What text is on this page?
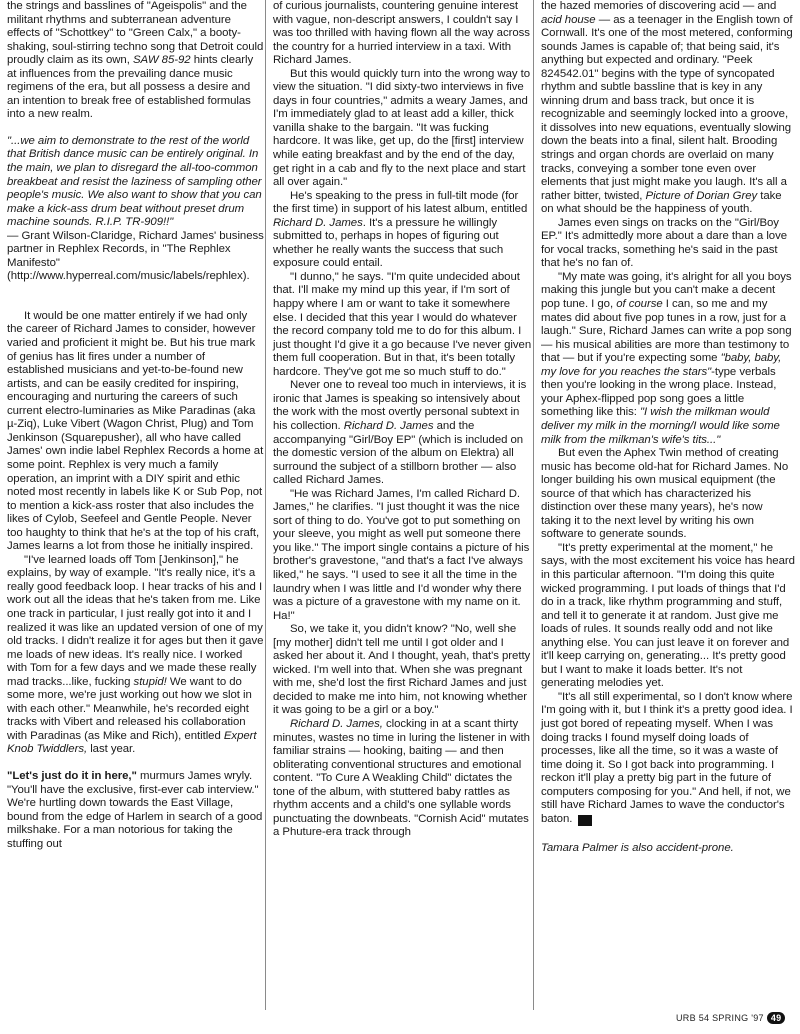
the strings and basslines of "Ageispolis" and the militant rhythms and subterranean adventure effects of "Schottkey" to "Green Calx," a booty-shaking, soul-stirring techno song that Detroit could proudly claim as its own, SAW 85-92 hints clearly at influences from the prevailing dance music regimens of the era, but all possess a desire and an intention to break free of established formulas into a new realm.

"...we aim to demonstrate to the rest of the world that British dance music can be entirely original. In the main, we plan to disregard the all-too-common breakbeat and resist the laziness of sampling other people's music. We also want to show that you can make a kick-ass drum beat without preset drum machine sounds. R.I.P. TR-909!!"

— Grant Wilson-Claridge, Richard James' business partner in Rephlex Records, in "The Rephlex Manifesto" (http://www.hyperreal.com/music/labels/rephlex).

It would be one matter entirely if we had only the career of Richard James to consider, however varied and proficient it might be. But his true mark of genius has lit fires under a number of established musicians and yet-to-be-found new artists, and can be easily credited for inspiring, encouraging and nurturing the careers of such current electro-luminaries as Mike Paradinas (aka µ-Ziq), Luke Vibert (Wagon Christ, Plug) and Tom Jenkinson (Squarepusher), all who have called James' own indie label Rephlex Records a home at some point. Rephlex is very much a family operation, an imprint with a DIY spirit and ethic noted most recently in labels like K or Sub Pop, not to mention a kick-ass roster that also includes the likes of Cylob, Seefeel and Gentle People. Never too haughty to think that he's at the top of his craft, James learns a lot from those he initially inspired.

"I've learned loads off Tom [Jenkinson]," he explains, by way of example. "It's really nice, it's a really good feedback loop. I hear tracks of his and I work out all the ideas that he's taken from me. Like one track in particular, I just really got into it and I realized it was like an updated version of one of my old tracks. I didn't realize it for ages but then it gave me loads of new ideas. It's really nice. I worked with Tom for a few days and we made these really mad tracks...like, fucking stupid! We want to do some more, we're just working out how we slot in with each other." Meanwhile, he's recorded eight tracks with Vibert and released his collaboration with Paradinas (as Mike and Rich), entitled Expert Knob Twiddlers, last year.

"Let's just do it in here," murmurs James wryly. "You'll have the exclusive, first-ever cab interview." We're hurtling down towards the East Village, bound from the edge of Harlem in search of a good milkshake. For a man notorious for taking the stuffing out

of curious journalists, countering genuine interest with vague, non-descript answers, I couldn't say I was too thrilled with having flown all the way across the country for a hurried interview in a taxi. With Richard James.

But this would quickly turn into the wrong way to view the situation. "I did sixty-two interviews in five days in four countries," admits a weary James, and I'm immediately glad to at least add a killer, thick vanilla shake to the bargain. "It was fucking hardcore. It was like, get up, do the [first] interview while eating breakfast and by the end of the day, get right in a cab and fly to the next place and start all over again."

He's speaking to the press in full-tilt mode (for the first time) in support of his latest album, entitled Richard D. James. It's a pressure he willingly submitted to, perhaps in hopes of figuring out whether he really wants the success that such exposure could entail.

"I dunno," he says. "I'm quite undecided about that. I'll make my mind up this year, if I'm sort of happy where I am or want to take it somewhere else. I decided that this year I would do whatever the record company told me to do for this album. I just thought I'd give it a go because I've never given them full cooperation. But in that, it's been totally hardcore. They've got me so much stuff to do."

Never one to reveal too much in interviews, it is ironic that James is speaking so intensively about the work with the most overtly personal subtext in his collection. Richard D. James and the accompanying "Girl/Boy EP" (which is included on the domestic version of the album on Elektra) all surround the subject of a stillborn brother — also called Richard James.

"He was Richard James, I'm called Richard D. James," he clarifies. "I just thought it was the nice sort of thing to do. You've got to put something on your sleeve, you might as well put someone there you like." The import single contains a picture of his brother's gravestone, "and that's a fact I've always liked," he says. "I used to see it all the time in the laundry when I was little and I'd wonder why there was a picture of a gravestone with my name on it. Ha!"

So, we take it, you didn't know? "No, well she [my mother] didn't tell me until I got older and I asked her about it. And I thought, yeah, that's pretty wicked. I'm well into that. When she was pregnant with me, she'd lost the first Richard James and just decided to make me into him, not knowing whether it was going to be a girl or a boy."

Richard D. James, clocking in at a scant thirty minutes, wastes no time in luring the listener in with familiar strains — hooking, baiting — and then obliterating conventional structures and emotional content. "To Cure A Weakling Child" dictates the tone of the album, with stuttered baby rattles as rhythm accents and a child's one syllable words punctuating the downbeats. "Cornish Acid" mutates a Phuture-era track through

the hazed memories of discovering acid — and acid house — as a teenager in the English town of Cornwall. It's one of the most metered, conforming sounds James is capable of; that being said, it's anything but expected and ordinary. "Peek 824542.01" begins with the type of syncopated rhythm and subtle bassline that is key in any winning drum and bass track, but once it is recognizable and seemingly locked into a groove, it dissolves into new equations, eventually slowing down the beats into a final, silent halt. Brooding strings and organ chords are overlaid on many tracks, conveying a somber tone even over elements that just might make you laugh. It's all a rather bitter, twisted, Picture of Dorian Grey take on what should be the happiness of youth.

James even sings on tracks on the "Girl/Boy EP." It's admittedly more about a dare than a love for vocal tracks, something he's said in the past that he's no fan of.

"My mate was going, it's alright for all you boys making this jungle but you can't make a decent pop tune. I go, of course I can, so me and my mates did about five pop tunes in a row, just for a laugh." Sure, Richard James can write a pop song — his musical abilities are more than testimony to that — but if you're expecting some "baby, baby, my love for you reaches the stars"-type verbals then you're looking in the wrong place. Instead, your Aphex-flipped pop song goes a little something like this: "I wish the milkman would deliver my milk in the morning/I would like some milk from the milkman's wife's tits..."

But even the Aphex Twin method of creating music has become old-hat for Richard James. No longer building his own musical equipment (the source of that which has characterized his distinction over these many years), he's now taking it to the next level by writing his own software to generate sounds.

"It's pretty experimental at the moment," he says, with the most excitement his voice has heard in this particular afternoon. "I'm doing this quite wicked programming. I put loads of things that I'd do in a track, like rhythm programming and stuff, and tell it to generate it at random. Just give me loads of rules. It sounds really odd and not like anything else. You can just leave it on forever and it'll keep carrying on, generating... It's pretty good but I want to make it loads better. It's not generating melodies yet.

"It's all still experimental, so I don't know where I'm going with it, but I think it's a pretty good idea. I just got bored of repeating myself. When I was doing tracks I found myself doing loads of processes, like all the time, so it was a waste of time doing it. So I got back into programming. I reckon it'll play a pretty big part in the future of computers composing for you." And hell, if not, we still have Richard James to wave the conductor's baton. U

Tamara Palmer is also accident-prone.

URB 54 SPRING '97 49
